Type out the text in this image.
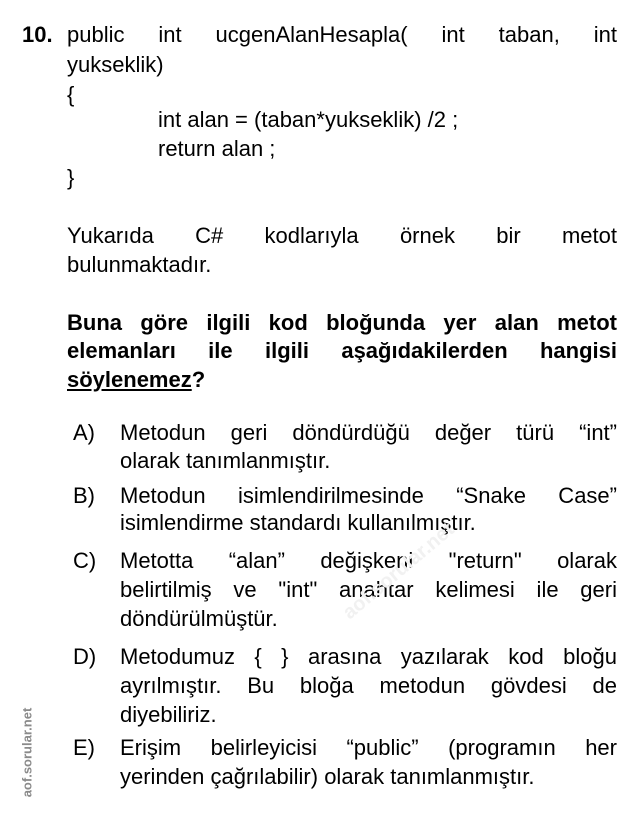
10. public int ucgenAlanHesapla( int taban, int
yukseklik)
{
int alan = (taban*yukseklik) /2 ;
return alan ;
}
Yukarıda C# kodlarıyla örnek bir metot
bulunmaktadır.
Buna göre ilgili kod bloğunda yer alan metot
elemanları ile ilgili aşağıdakilerden hangisi
söylenemez?
A) Metodun geri döndürdüğü değer türü “int”
olarak tanımlanmıştır.
B) Metodun isimlendirilmesinde “Snake Case”
isimlendirme standardı kullanılmıştır.
C) Metotta “alan” değişkeni "return" olarak
belirtilmiş ve "int" anahtar kelimesi ile geri
döndürülmüştür.
D) Metodumuz { } arasına yazılarak kod bloğu
ayrılmıştır. Bu bloğa metodun gövdesi de
diyebiliriz.
E) Erişim belirleyicisi “public” (programın her
yerinden çağrılabilir) olarak tanımlanmıştır.
aof.sorular.net
aof.sorular.net
